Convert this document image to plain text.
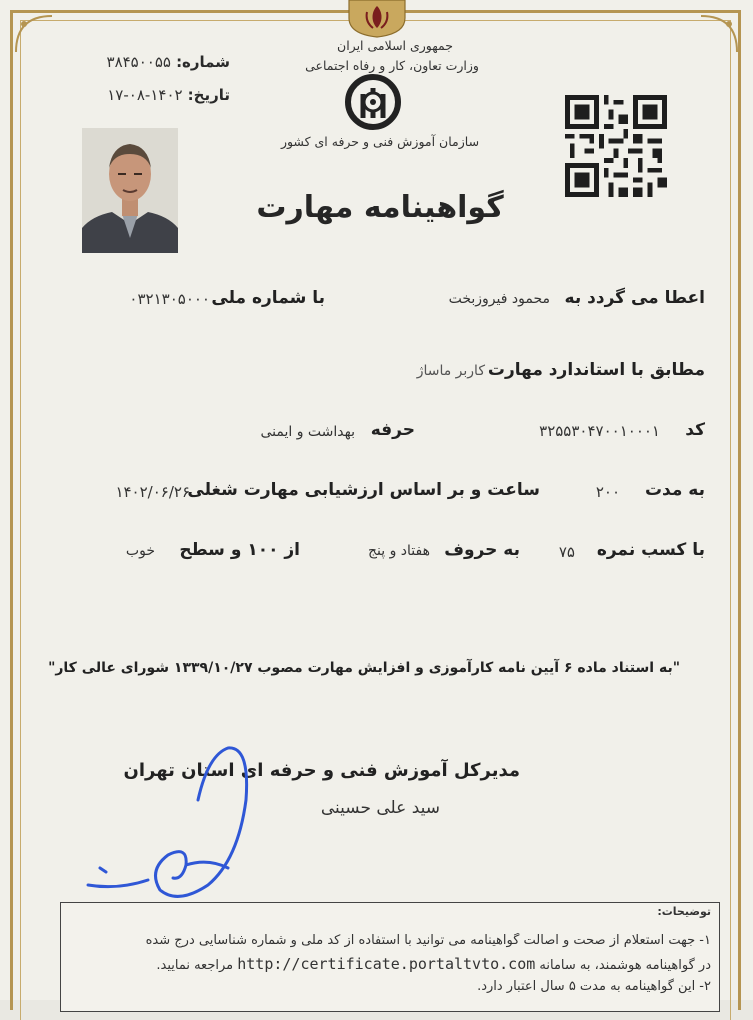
جمهوری اسلامی ایران
وزارت تعاون، کار و رفاه اجتماعی
سازمان آموزش فنی و حرفه ای کشور
شماره: ۳۸۴۵۰۰۵۵
تاریخ: ۱۴۰۲-۰۸-۱۷
گواهینامه مهارت
اعطا می گردد به
محمود فیروزبخت
با شماره ملی
۰۳۲۱۳۰۵۰۰۰
مطابق با استاندارد مهارت
کاربر ماساژ
کد
۳۲۵۵۳۰۴۷۰۰۱۰۰۰۱
حرفه
بهداشت و ایمنی
به مدت
۲۰۰
ساعت و بر اساس ارزشیابی مهارت شغلی
۱۴۰۲/۰۶/۲۶
با کسب نمره
۷۵
به حروف
هفتاد و پنج
از ۱۰۰ و سطح
خوب
"به استناد ماده ۶ آیین نامه کارآموزی و افزایش مهارت مصوب ۱۳۳۹/۱۰/۲۷ شورای عالی کار"
مدیرکل آموزش فنی و حرفه ای استان تهران
سید علی حسینی
توضیحات:
۱- جهت استعلام از صحت و اصالت گواهینامه می توانید با استفاده از کد ملی و شماره شناسایی درج شده
در گواهینامه هوشمند، به سامانه http://certificate.portaltvto.com مراجعه نمایید.
۲- این گواهینامه به مدت ۵ سال اعتبار دارد.
